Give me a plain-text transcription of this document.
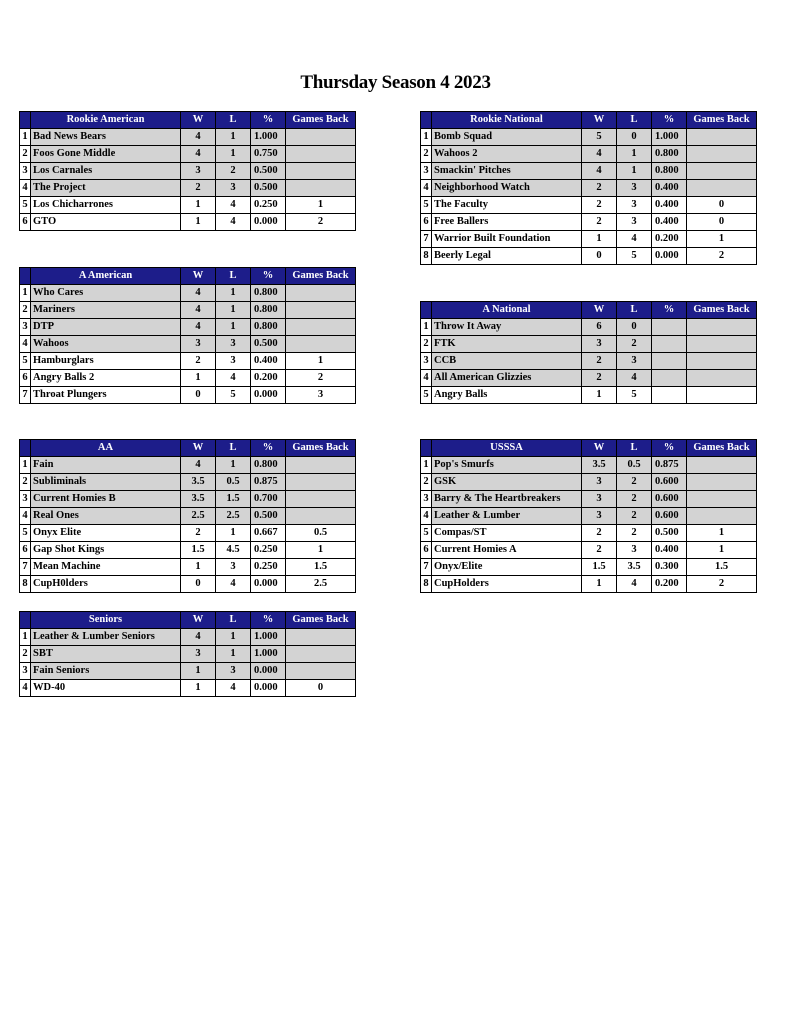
Thursday Season 4 2023
	Rookie American	W	L	%	Games Back
1	Bad News Bears	4	1	1.000	
2	Foos Gone Middle	4	1	0.750	
3	Los Carnales	3	2	0.500	
4	The Project	2	3	0.500	
5	Los Chicharrones	1	4	0.250	1
6	GTO	1	4	0.000	2
	Rookie National	W	L	%	Games Back
1	Bomb Squad	5	0	1.000	
2	Wahoos 2	4	1	0.800	
3	Smackin' Pitches	4	1	0.800	
4	Neighborhood Watch	2	3	0.400	
5	The Faculty	2	3	0.400	0
6	Free Ballers	2	3	0.400	0
7	Warrior Built Foundation	1	4	0.200	1
8	Beerly Legal	0	5	0.000	2
	A American	W	L	%	Games Back
1	Who Cares	4	1	0.800	
2	Mariners	4	1	0.800	
3	DTP	4	1	0.800	
4	Wahoos	3	3	0.500	
5	Hamburglars	2	3	0.400	1
6	Angry Balls 2	1	4	0.200	2
7	Throat Plungers	0	5	0.000	3
	A National	W	L	%	Games Back
1	Throw It Away	6	0		
2	FTK	3	2		
3	CCB	2	3		
4	All American Glizzies	2	4		
5	Angry Balls	1	5		
	AA	W	L	%	Games Back
1	Fain	4	1	0.800	
2	Subliminals	3.5	0.5	0.875	
3	Current Homies B	3.5	1.5	0.700	
4	Real Ones	2.5	2.5	0.500	
5	Onyx Elite	2	1	0.667	0.5
6	Gap Shot Kings	1.5	4.5	0.250	1
7	Mean Machine	1	3	0.250	1.5
8	CupH0lders	0	4	0.000	2.5
	USSSA	W	L	%	Games Back
1	Pop's Smurfs	3.5	0.5	0.875	
2	GSK	3	2	0.600	
3	Barry & The Heartbreakers	3	2	0.600	
4	Leather & Lumber	3	2	0.600	
5	Compas/ST	2	2	0.500	1
6	Current Homies A	2	3	0.400	1
7	Onyx/Elite	1.5	3.5	0.300	1.5
8	CupHolders	1	4	0.200	2
	Seniors	W	L	%	Games Back
1	Leather & Lumber Seniors	4	1	1.000	
2	SBT	3	1	1.000	
3	Fain Seniors	1	3	0.000	
4	WD-40	1	4	0.000	0
